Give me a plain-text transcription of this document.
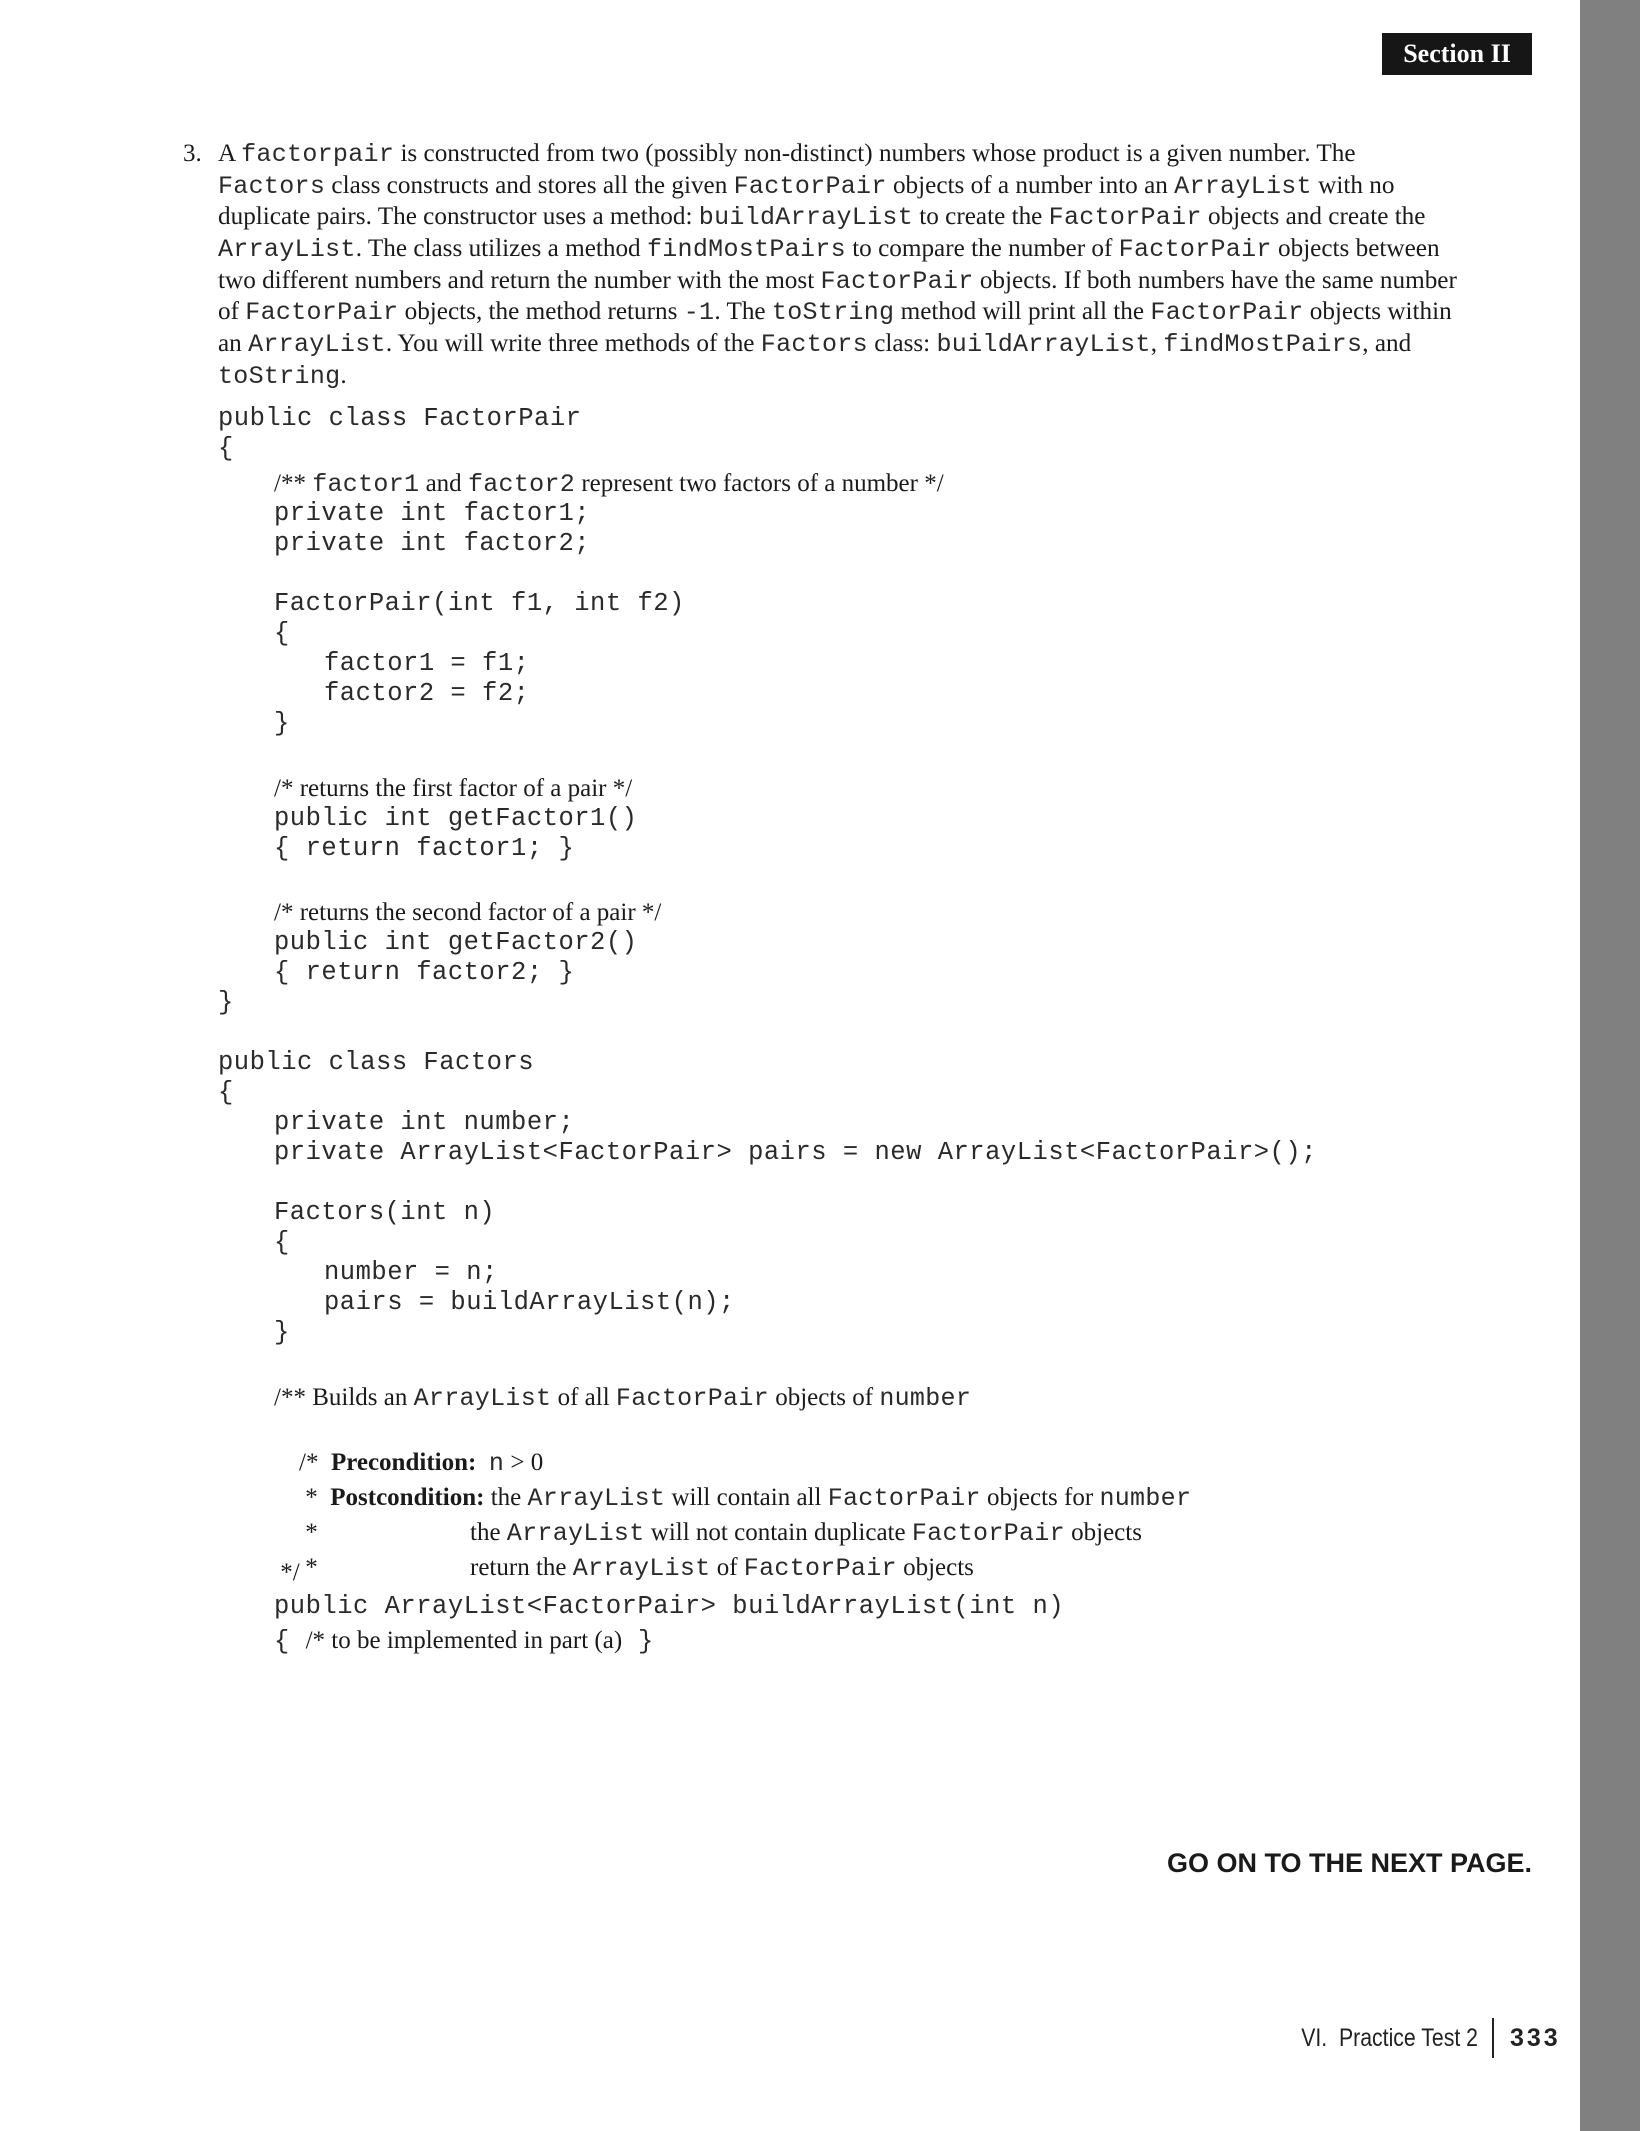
Section II
3. A factorpair is constructed from two (possibly non-distinct) numbers whose product is a given number. The
Factors class constructs and stores all the given FactorPair objects of a number into an ArrayList with no
duplicate pairs. The constructor uses a method: buildArrayList to create the FactorPair objects and create the
ArrayList. The class utilizes a method findMostPairs to compare the number of FactorPair objects between
two different numbers and return the number with the most FactorPair objects. If both numbers have the same number
of FactorPair objects, the method returns -1. The toString method will print all the FactorPair objects within
an ArrayList. You will write three methods of the Factors class: buildArrayList, findMostPairs, and
toString.
public class FactorPair
{
/** factor1 and factor2 represent two factors of a number */
private int factor1;
private int factor2;
FactorPair(int f1, int f2)
{
factor1 = f1;
factor2 = f2;
}
/* returns the first factor of a pair */
public int getFactor1()
{ return factor1; }
/* returns the second factor of a pair */
public int getFactor2()
{ return factor2; }
}
public class Factors
{
private int number;
private ArrayList<FactorPair> pairs = new ArrayList<FactorPair>();
Factors(int n)
{
number = n;
pairs = buildArrayList(n);
}
/** Builds an ArrayList of all FactorPair objects of number

/* Precondition: n > 0

* Postcondition: the ArrayList will contain all FactorPair objects for number

*	the ArrayList will not contain duplicate FactorPair objects

*	return the ArrayList of FactorPair objects

*/
public ArrayList<FactorPair> buildArrayList(int n)
{ /* to be implemented in part (a) }
GO ON TO THE NEXT PAGE.
VI.  Practice Test 2 333
